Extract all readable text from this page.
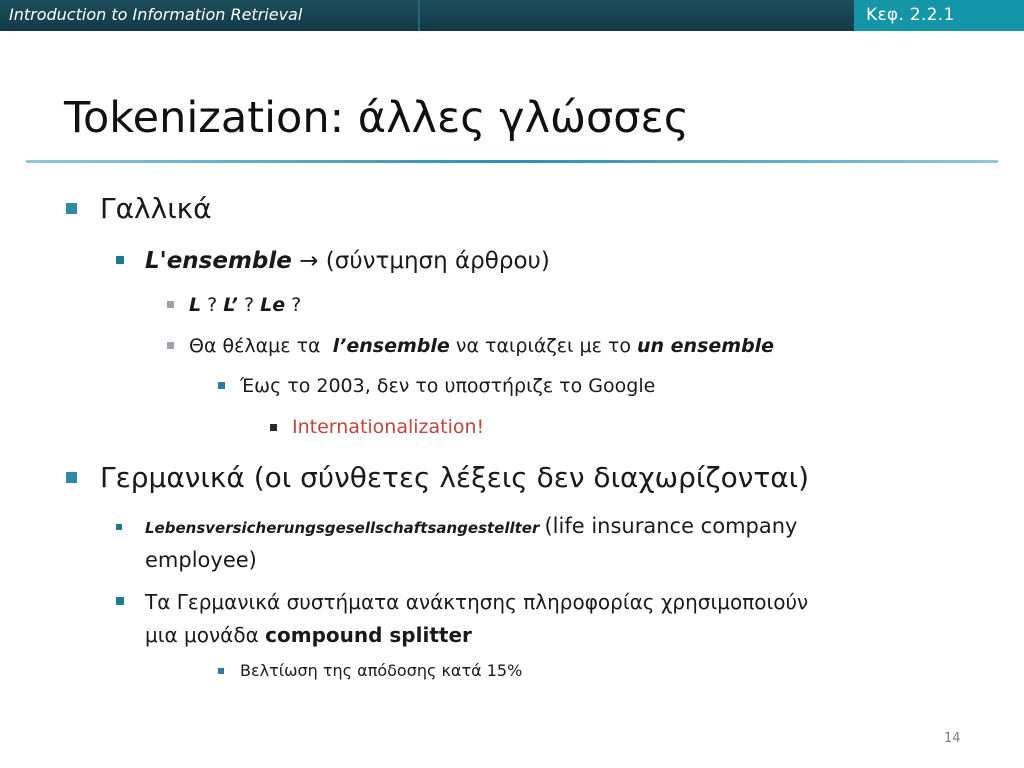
Introduction to Information Retrieval	Κεφ. 2.2.1
Tokenization: άλλες γλώσσες
Γαλλικά
L'ensemble → (σύντμηση άρθρου)
L ? L’ ? Le ?
Θα θέλαμε τα l’ensemble να ταιριάζει με το un ensemble
Έως το 2003, δεν το υποστήριζε το Google
Internationalization!
Γερμανικά (οι σύνθετες λέξεις δεν διαχωρίζονται)
Lebensversicherungsgesellschaftsangestellter (life insurance company
employee)
Τα Γερμανικά συστήματα ανάκτησης πληροφορίας χρησιμοποιούν
μια μονάδα compound splitter
Βελτίωση της απόδοσης κατά 15%
14
